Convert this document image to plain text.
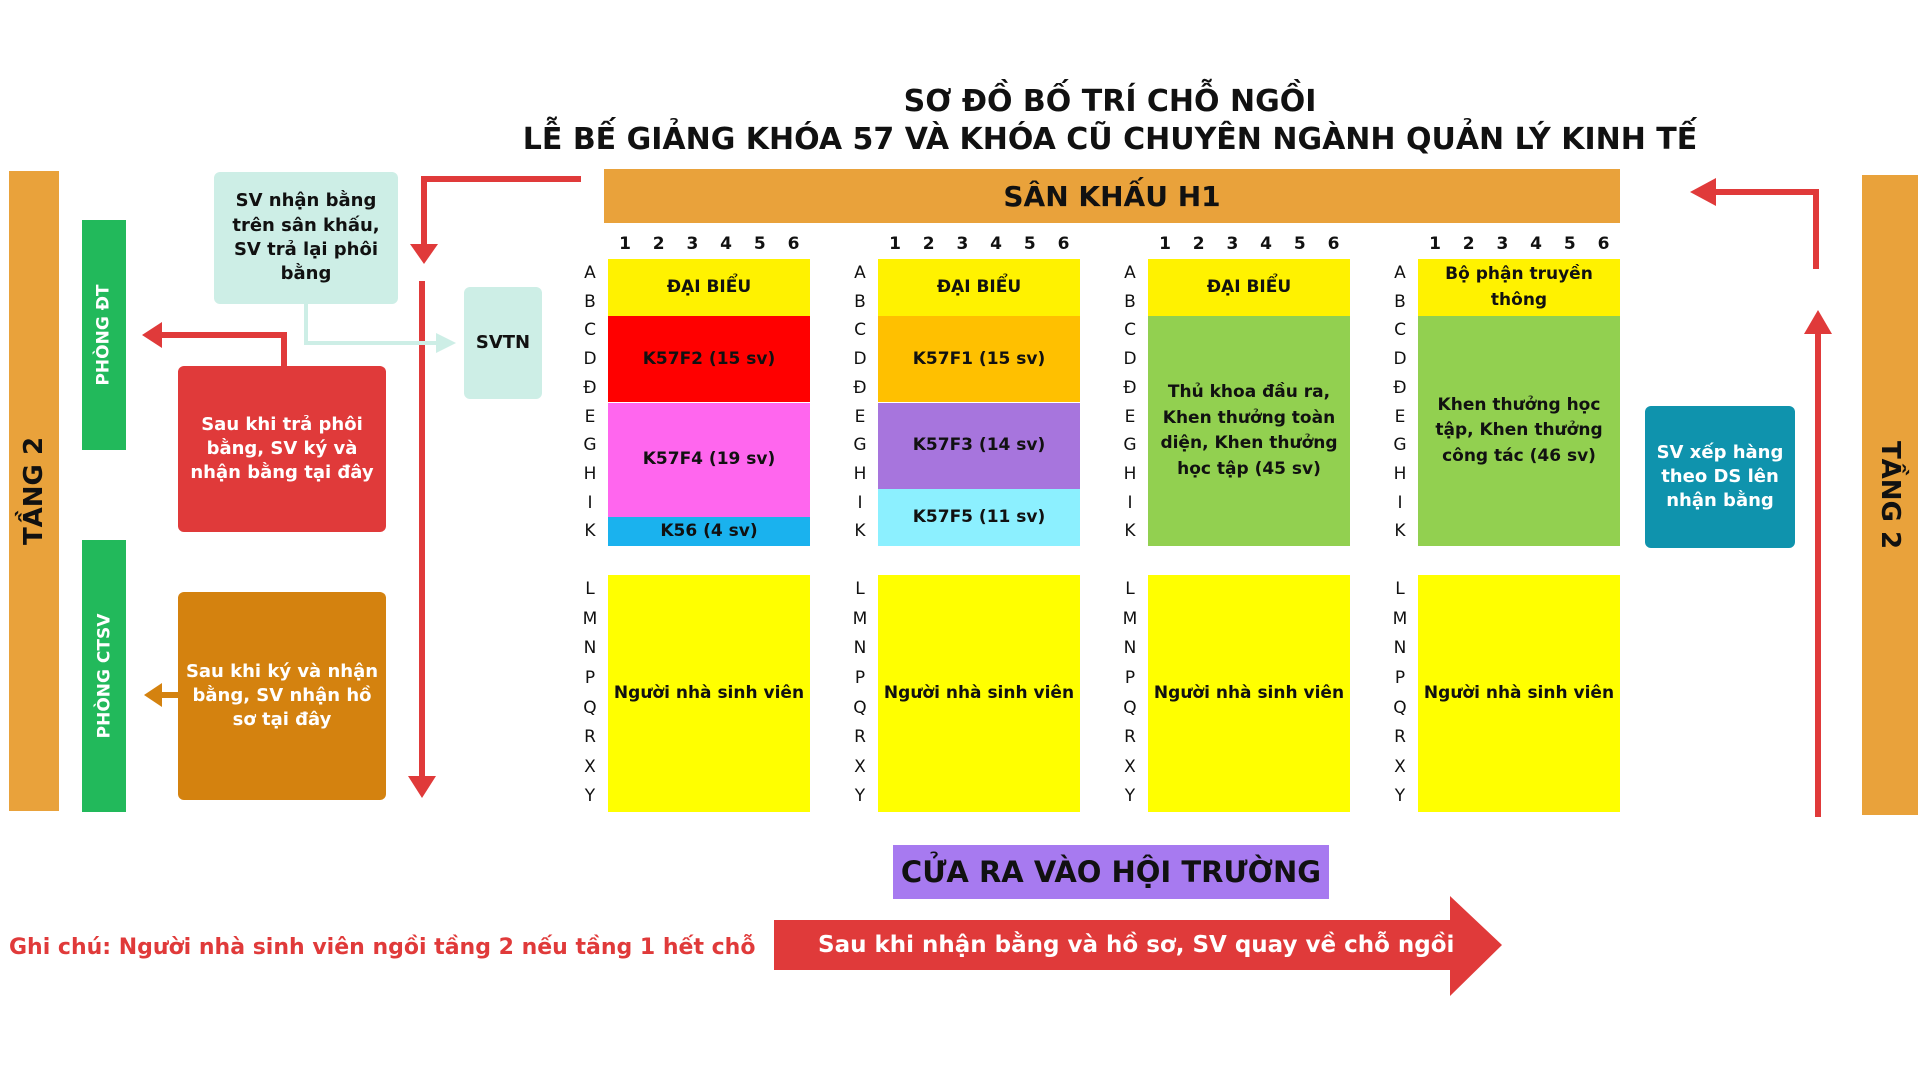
SƠ ĐỒ BỐ TRÍ CHỖ NGỒI
LỄ BẾ GIẢNG KHÓA 57 VÀ KHÓA CŨ CHUYÊN NGÀNH QUẢN LÝ KINH TẾ
SÂN KHẤU H1
TẦNG 2	TẦNG 2
PHÒNG ĐT
PHÒNG CTSV
SV nhận bằng trên sân khấu, SV trả lại phôi bằng
SVTN
Sau khi trả phôi bằng, SV ký và nhận bằng tại đây
Sau khi ký và nhận bằng, SV nhận hồ sơ tại đây
SV xếp hàng theo DS lên nhận bằng
1	2	3	4	5	6
A
B
C
D
Đ
E
G
H
I
K
L
M
N
P
Q
R
X
Y
ĐẠI BIỂU
K57F2 (15 sv)
K57F4 (19 sv)
K56 (4 sv)
Người nhà sinh viên
1	2	3	4	5	6
A
B
C
D
Đ
E
G
H
I
K
L
M
N
P
Q
R
X
Y
ĐẠI BIỂU
K57F1 (15 sv)
K57F3 (14 sv)
K57F5 (11 sv)
Người nhà sinh viên
1	2	3	4	5	6
A
B
C
D
Đ
E
G
H
I
K
L
M
N
P
Q
R
X
Y
ĐẠI BIỂU
Thủ khoa đầu ra, Khen thưởng toàn diện, Khen thưởng học tập (45 sv)
Người nhà sinh viên
1	2	3	4	5	6
A
B
C
D
Đ
E
G
H
I
K
L
M
N
P
Q
R
X
Y
Bộ phận truyền thông
Khen thưởng học tập, Khen thưởng công tác (46 sv)
Người nhà sinh viên
CỬA RA VÀO HỘI TRƯỜNG
Ghi chú: Người nhà sinh viên ngồi tầng 2 nếu tầng 1 hết chỗ	Sau khi nhận bằng và hồ sơ, SV quay về chỗ ngồi
